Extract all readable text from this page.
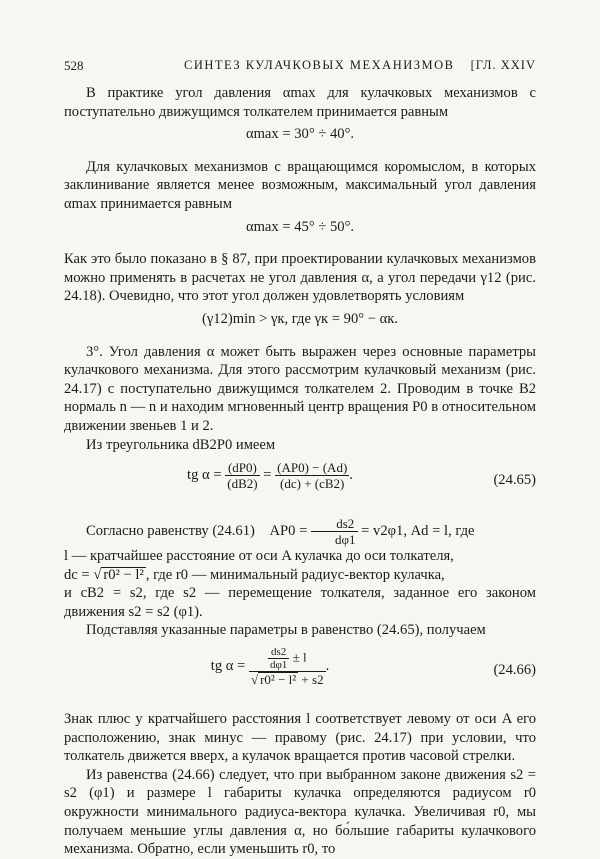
528	СИНТЕЗ КУЛАЧКОВЫХ МЕХАНИЗМОВ [ГЛ. XXIV

В практике угол давления αmax для кулачковых механизмов с поступательно движущимся толкателем принимается равным

αmax = 30° ÷ 40°.

Для кулачковых механизмов с вращающимся коромыслом, в которых заклинивание является менее возможным, максимальный угол давления αmax принимается равным

αmax = 45° ÷ 50°.

Как это было показано в § 87, при проектировании кулачковых механизмов можно применять в расчетах не угол давления α, а угол передачи γ12 (рис. 24.18). Очевидно, что этот угол должен удовлетворять условиям

(γ12)min > γк, где γк = 90° − αк.

3°. Угол давления α может быть выражен через основные параметры кулачкового механизма. Для этого рассмотрим кулачковый механизм (рис. 24.17) с поступательно движущимся толкателем 2. Проводим в точке B2 нормаль n — n и находим мгновенный центр вращения P0 в относительном движении звеньев 1 и 2.

Из треугольника dB2P0 имеем

tg $\alpha = \frac{(dP0)}{(dB2)} = \frac{(AP0) - (Ad)}{(dc) + (cB2)}$ .	(24.65)

Согласно равенству (24.61) $AP0 = \frac{ds2}{d\varphi 1} = v2\varphi 1$, Ad = l, где

l — кратчайшее расстояние от оси A кулачка до оси толкателя,

dc = √ r0² − l² , где r0 — минимальный радиус-вектор кулачка,

и cB2 = s2, где s2 — перемещение толкателя, заданное его законом движения s2 = s2 (φ1).

Подставляя указанные параметры в равенство (24.65), получаем

tg $\alpha = \frac{\frac{ds2}{d\varphi 1} \pm l}{\text{√ r0² − l² + s2}}$ .	(24.66)

Знак плюс у кратчайшего расстояния l соответствует левому от оси A его расположению, знак минус — правому (рис. 24.17) при условии, что толкатель движется вверх, а кулачок вращается против часовой стрелки.

Из равенства (24.66) следует, что при выбранном законе движения s2 = s2 (φ1) и размере l габариты кулачка определяются радиусом r0 окружности минимального радиуса-вектора кулачка. Увеличивая r0, мы получаем меньшие углы давления α, но бо́льшие габариты кулачкового механизма. Обратно, если уменьшить r0, то
